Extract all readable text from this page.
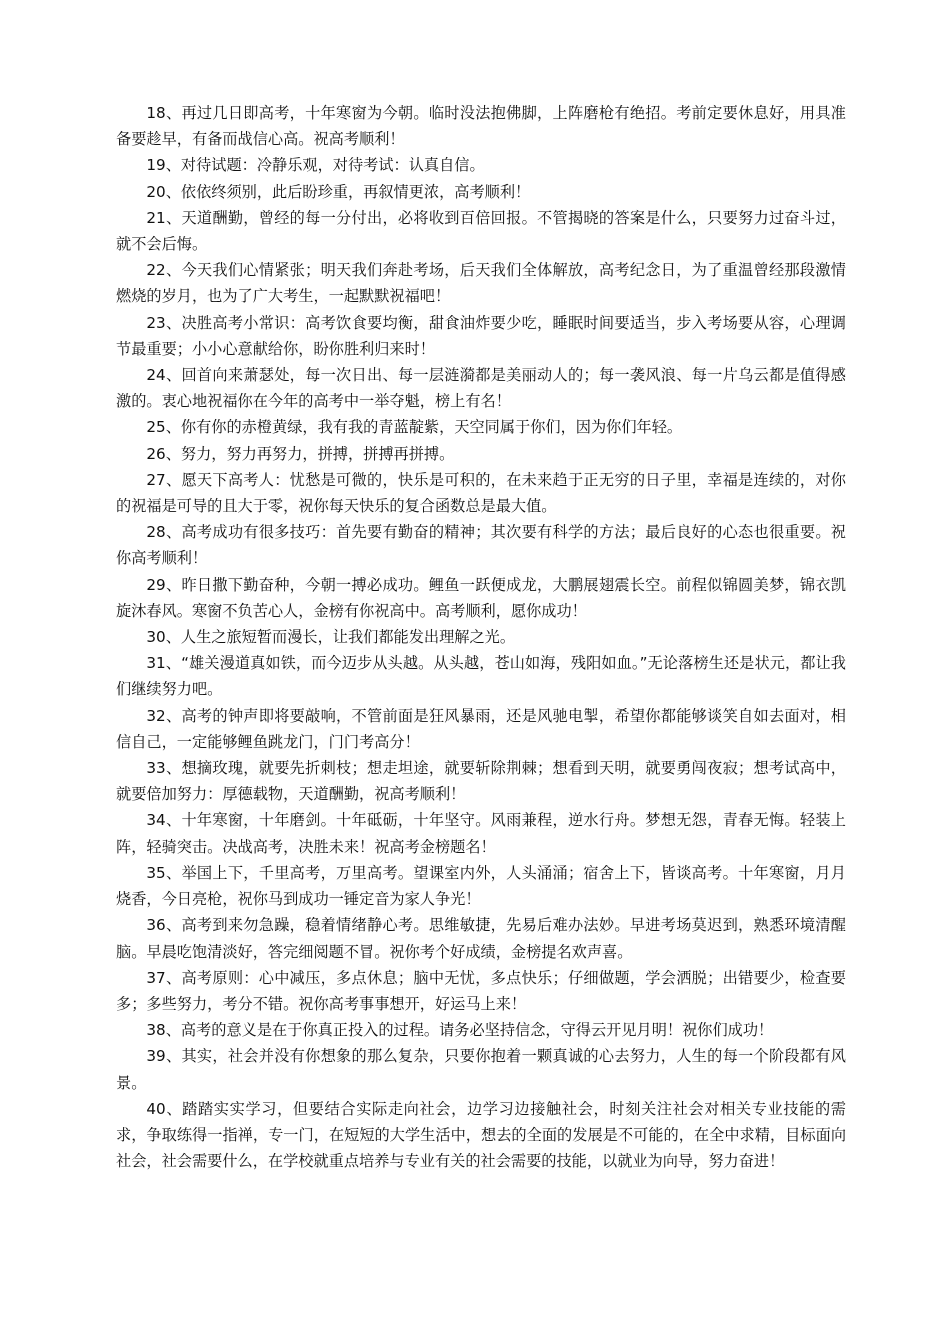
18、再过几日即高考，十年寒窗为今朝。临时没法抱佛脚，上阵磨枪有绝招。考前定要休息好，用具准备要趁早，有备而战信心高。祝高考顺利！

19、对待试题：冷静乐观，对待考试：认真自信。

20、依依终须别，此后盼珍重，再叙情更浓，高考顺利！

21、天道酬勤，曾经的每一分付出，必将收到百倍回报。不管揭晓的答案是什么，只要努力过奋斗过，就不会后悔。

22、今天我们心情紧张；明天我们奔赴考场，后天我们全体解放，高考纪念日，为了重温曾经那段激情燃烧的岁月，也为了广大考生，一起默默祝福吧！

23、决胜高考小常识：高考饮食要均衡，甜食油炸要少吃，睡眠时间要适当，步入考场要从容，心理调节最重要；小小心意献给你，盼你胜利归来时！

24、回首向来萧瑟处，每一次日出、每一层涟漪都是美丽动人的；每一袭风浪、每一片乌云都是值得感激的。衷心地祝福你在今年的高考中一举夺魁，榜上有名！

25、你有你的赤橙黄绿，我有我的青蓝靛紫，天空同属于你们，因为你们年轻。

26、努力，努力再努力，拼搏，拼搏再拼搏。

27、愿天下高考人：忧愁是可微的，快乐是可积的，在未来趋于正无穷的日子里，幸福是连续的，对你的祝福是可导的且大于零，祝你每天快乐的复合函数总是最大值。

28、高考成功有很多技巧：首先要有勤奋的精神；其次要有科学的方法；最后良好的心态也很重要。祝你高考顺利！

29、昨日撒下勤奋种，今朝一搏必成功。鲤鱼一跃便成龙，大鹏展翅震长空。前程似锦圆美梦，锦衣凯旋沐春风。寒窗不负苦心人，金榜有你祝高中。高考顺利，愿你成功！

30、人生之旅短暂而漫长，让我们都能发出理解之光。

31、“雄关漫道真如铁，而今迈步从头越。从头越，苍山如海，残阳如血。”无论落榜生还是状元，都让我们继续努力吧。

32、高考的钟声即将要敲响，不管前面是狂风暴雨，还是风驰电掣，希望你都能够谈笑自如去面对，相信自己，一定能够鲤鱼跳龙门，门门考高分！

33、想摘玫瑰，就要先折刺枝；想走坦途，就要斩除荆棘；想看到天明，就要勇闯夜寂；想考试高中，就要倍加努力：厚德载物，天道酬勤，祝高考顺利！

34、十年寒窗，十年磨剑。十年砥砺，十年坚守。风雨兼程，逆水行舟。梦想无怨，青春无悔。轻装上阵，轻骑突击。决战高考，决胜未来！祝高考金榜题名！

35、举国上下，千里高考，万里高考。望课室内外，人头涌涌；宿舍上下，皆谈高考。十年寒窗，月月烧香，今日亮枪，祝你马到成功一锤定音为家人争光！

36、高考到来勿急躁，稳着情绪静心考。思维敏捷，先易后难办法妙。早进考场莫迟到，熟悉环境清醒脑。早晨吃饱清淡好，答完细阅题不冒。祝你考个好成绩，金榜提名欢声喜。

37、高考原则：心中减压，多点休息；脑中无忧，多点快乐；仔细做题，学会洒脱；出错要少，检查要多；多些努力，考分不错。祝你高考事事想开，好运马上来！

38、高考的意义是在于你真正投入的过程。请务必坚持信念，守得云开见月明！祝你们成功！

39、其实，社会并没有你想象的那么复杂，只要你抱着一颗真诚的心去努力，人生的每一个阶段都有风景。

40、踏踏实实学习，但要结合实际走向社会，边学习边接触社会，时刻关注社会对相关专业技能的需求，争取练得一指禅，专一门，在短短的大学生活中，想去的全面的发展是不可能的，在全中求精，目标面向社会，社会需要什么，在学校就重点培养与专业有关的社会需要的技能，以就业为向导，努力奋进！
